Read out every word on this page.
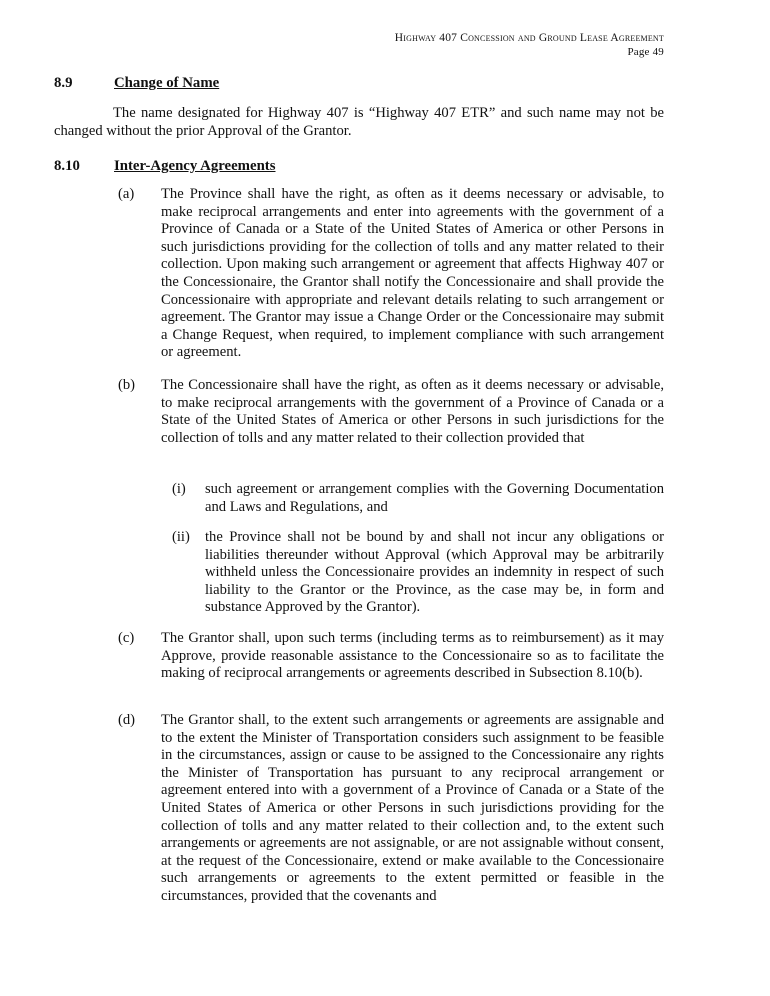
Highway 407 Concession and Ground Lease Agreement
Page 49
8.9	Change of Name
The name designated for Highway 407 is “Highway 407 ETR” and such name may not be changed without the prior Approval of the Grantor.
8.10 Inter-Agency Agreements
(a) The Province shall have the right, as often as it deems necessary or advisable, to make reciprocal arrangements and enter into agreements with the government of a Province of Canada or a State of the United States of America or other Persons in such jurisdictions providing for the collection of tolls and any matter related to their collection. Upon making such arrangement or agreement that affects Highway 407 or the Concessionaire, the Grantor shall notify the Concessionaire and shall provide the Concessionaire with appropriate and relevant details relating to such arrangement or agreement. The Grantor may issue a Change Order or the Concessionaire may submit a Change Request, when required, to implement compliance with such arrangement or agreement.
(b) The Concessionaire shall have the right, as often as it deems necessary or advisable, to make reciprocal arrangements with the government of a Province of Canada or a State of the United States of America or other Persons in such jurisdictions for the collection of tolls and any matter related to their collection provided that
(i) such agreement or arrangement complies with the Governing Documentation and Laws and Regulations, and
(ii) the Province shall not be bound by and shall not incur any obligations or liabilities thereunder without Approval (which Approval may be arbitrarily withheld unless the Concessionaire provides an indemnity in respect of such liability to the Grantor or the Province, as the case may be, in form and substance Approved by the Grantor).
(c) The Grantor shall, upon such terms (including terms as to reimbursement) as it may Approve, provide reasonable assistance to the Concessionaire so as to facilitate the making of reciprocal arrangements or agreements described in Subsection 8.10(b).
(d) The Grantor shall, to the extent such arrangements or agreements are assignable and to the extent the Minister of Transportation considers such assignment to be feasible in the circumstances, assign or cause to be assigned to the Concessionaire any rights the Minister of Transportation has pursuant to any reciprocal arrangement or agreement entered into with a government of a Province of Canada or a State of the United States of America or other Persons in such jurisdictions providing for the collection of tolls and any matter related to their collection and, to the extent such arrangements or agreements are not assignable, or are not assignable without consent, at the request of the Concessionaire, extend or make available to the Concessionaire such arrangements or agreements to the extent permitted or feasible in the circumstances, provided that the covenants and
